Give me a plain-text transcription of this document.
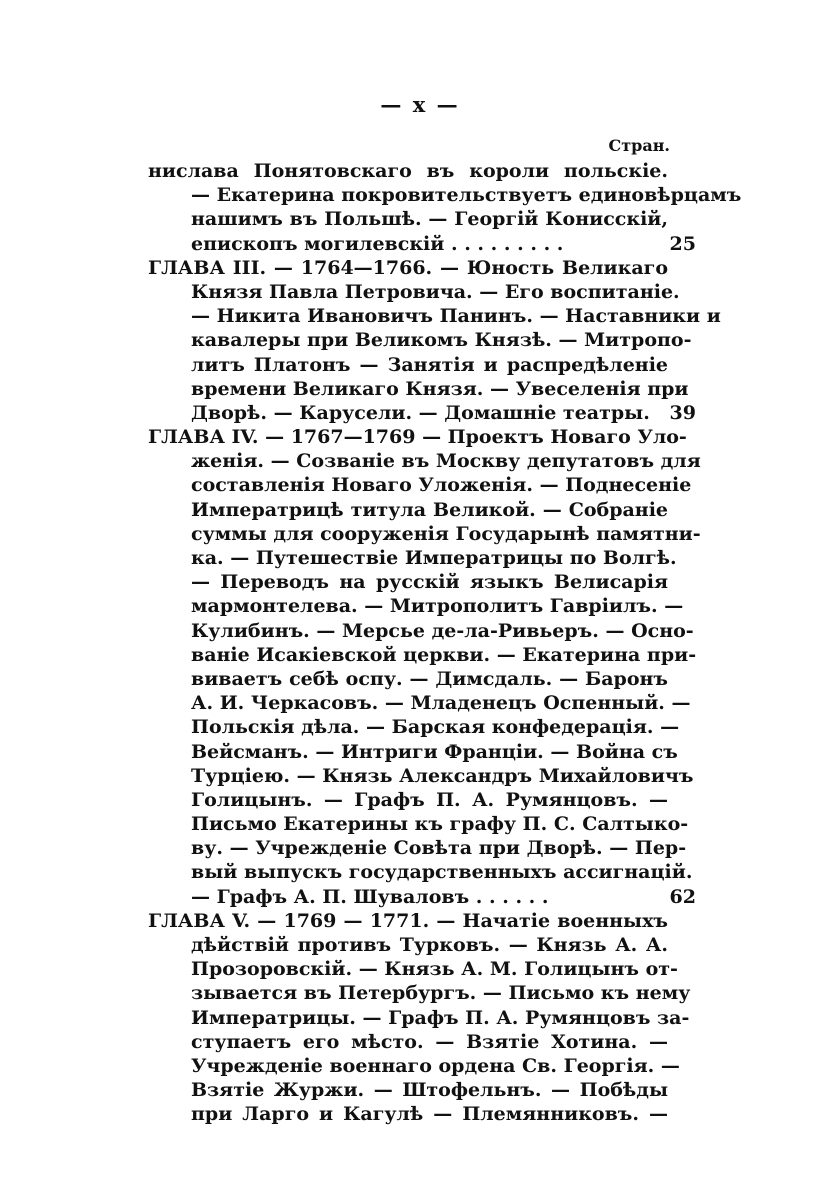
— x —
Стран.
нислава Понятовскаго въ короли польскіе.
— Екатерина покровительствуетъ единовѣрцамъ
нашимъ въ Польшѣ. — Георгій Конисскій,
епископъ могилевскій . . . . . . . . .	25
ГЛАВА III. — 1764—1766. — Юность Великаго
Князя Павла Петровича. — Его воспитаніе.
— Никита Ивановичъ Панинъ. — Наставники и
кавалеры при Великомъ Князѣ. — Митропо-
литъ Платонъ — Занятія и распредѣленіе
времени Великаго Князя. — Увеселенія при
Дворѣ. — Карусели. — Домашніе театры.	39
ГЛАВА IV. — 1767—1769 — Проектъ Новаго Уло-
женія. — Созваніе въ Москву депутатовъ для
составленія Новаго Уложенія. — Поднесеніе
Императрицѣ титула Великой. — Собраніе
суммы для сооруженія Государынѣ памятни-
ка. — Путешествіе Императрицы по Волгѣ.
— Переводъ на русскій языкъ Велисарія
мармонтелева. — Митрополитъ Гавріилъ. —
Кулибинъ. — Мерсье де-ла-Ривьеръ. — Осно-
ваніе Исакіевской церкви. — Екатерина при-
виваетъ себѣ оспу. — Димсдаль. — Баронъ
А. И. Черкасовъ. — Младенецъ Оспенный. —
Польскія дѣла. — Барская конфедерація. —
Вейсманъ. — Интриги Франціи. — Война съ
Турціею. — Князь Александръ Михайловичъ
Голицынъ. — Графъ П. А. Румянцовъ. —
Письмо Екатерины къ графу П. С. Салтыко-
ву. — Учрежденіе Совѣта при Дворѣ. — Пер-
вый выпускъ государственныхъ ассигнацій.
— Графъ А. П. Шуваловъ . . . . . .	62
ГЛАВА V. — 1769 — 1771. — Начатіе военныхъ
дѣйствій противъ Турковъ. — Князь А. А.
Прозоровскій. — Князь А. М. Голицынъ от-
зывается въ Петербургъ. — Письмо къ нему
Императрицы. — Графъ П. А. Румянцовъ за-
ступаетъ его мѣсто. — Взятіе Хотина. —
Учрежденіе военнаго ордена Св. Георгія. —
Взятіе Журжи. — Штофельнъ. — Побѣды
при Ларго и Кагулѣ — Племянниковъ. —
